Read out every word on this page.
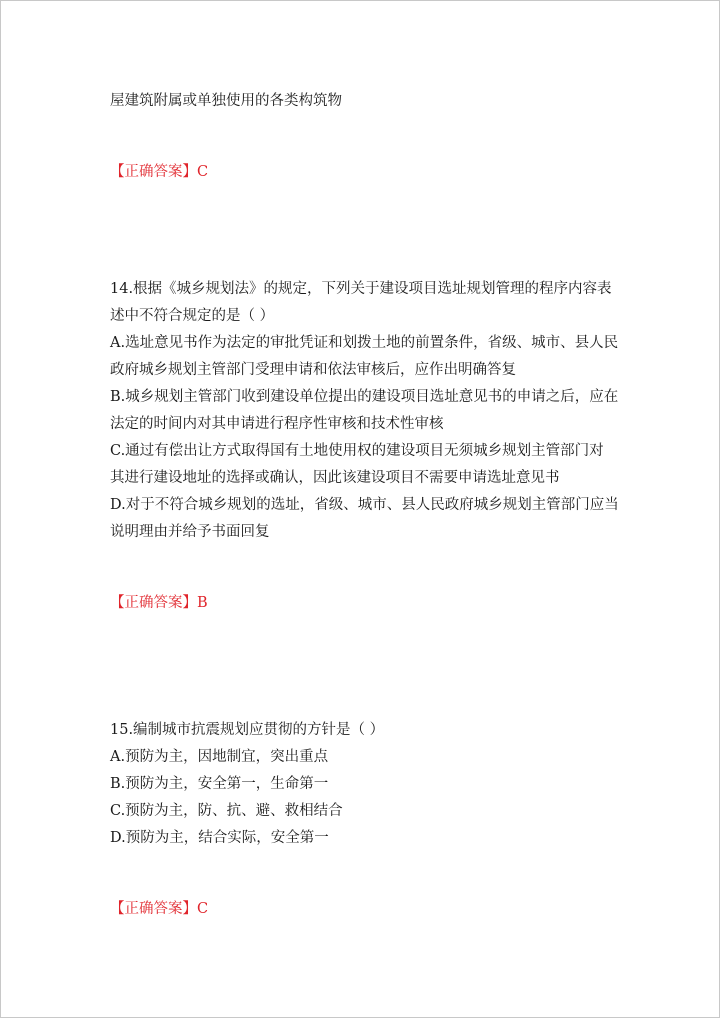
屋建筑附属或单独使用的各类构筑物

【正确答案】C

14.根据《城乡规划法》的规定，下列关于建设项目选址规划管理的程序内容表

述中不符合规定的是（ ）

A.选址意见书作为法定的审批凭证和划拨土地的前置条件，省级、城市、县人民

政府城乡规划主管部门受理申请和依法审核后，应作出明确答复

B.城乡规划主管部门收到建设单位提出的建设项目选址意见书的申请之后，应在

法定的时间内对其申请进行程序性审核和技术性审核

C.通过有偿出让方式取得国有土地使用权的建设项目无须城乡规划主管部门对

其进行建设地址的选择或确认，因此该建设项目不需要申请选址意见书

D.对于不符合城乡规划的选址，省级、城市、县人民政府城乡规划主管部门应当

说明理由并给予书面回复

【正确答案】B

15.编制城市抗震规划应贯彻的方针是（ ）

A.预防为主，因地制宜，突出重点

B.预防为主，安全第一，生命第一

C.预防为主，防、抗、避、救相结合

D.预防为主，结合实际，安全第一

【正确答案】C
